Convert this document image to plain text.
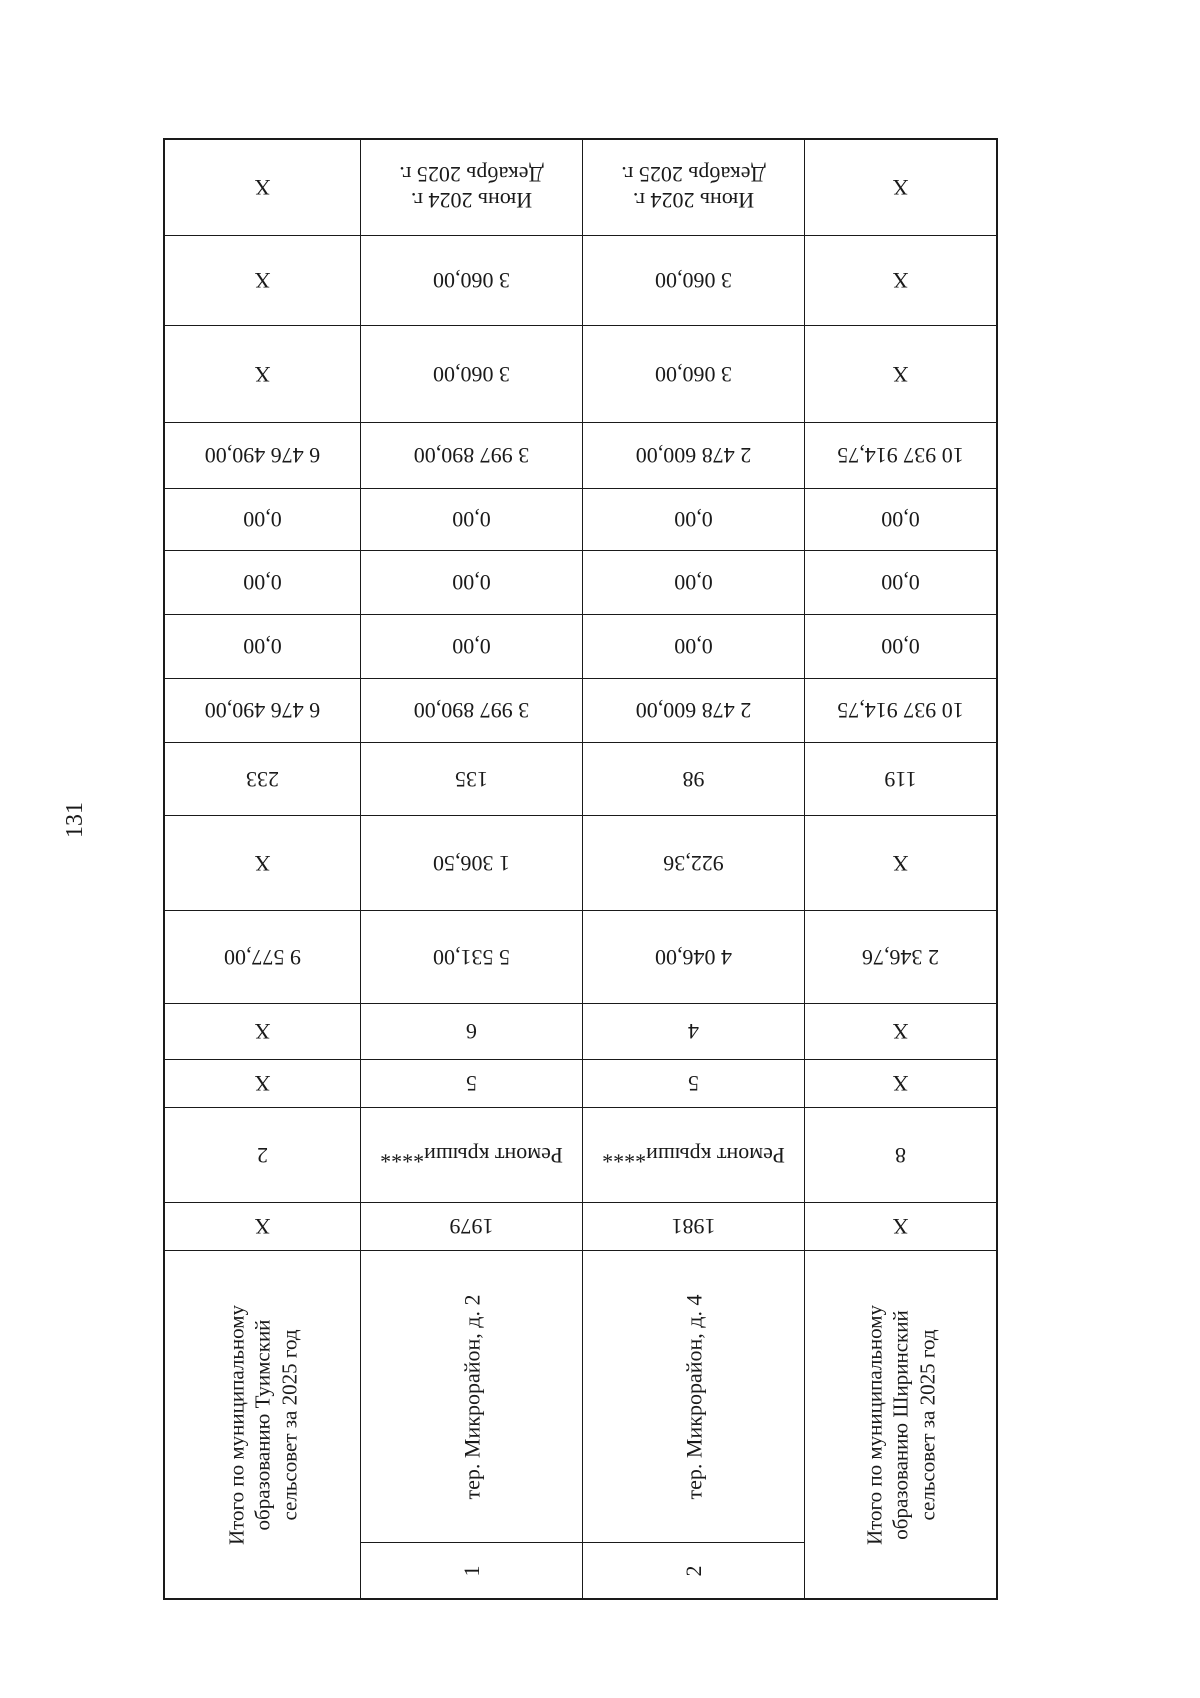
131
X
X
X
6 476 490,00
0,00
0,00
0,00
6 476 490,00
233
X
9 577,00
X
X
2
X
Итого по муниципальному образованию Туимский сельсовет за 2025 год
Июнь 2024 г.
Декабрь 2025 г.
3 060,00
3 060,00
3 997 890,00
0,00
0,00
0,00
3 997 890,00
135
1 306,50
5 531,00
6
5
Ремонт крыши****
1979
тер. Микрорайон, д. 2
1
Июнь 2024 г.
Декабрь 2025 г.
3 060,00
3 060,00
2 478 600,00
0,00
0,00
0,00
2 478 600,00
98
922,36
4 046,00
4
5
Ремонт крыши****
1981
тер. Микрорайон, д. 4
2
X
X
X
10 937 914,75
0,00
0,00
0,00
10 937 914,75
119
X
2 346,76
X
X
8
X
Итого по муниципальному образованию Ширинский сельсовет за 2025 год
